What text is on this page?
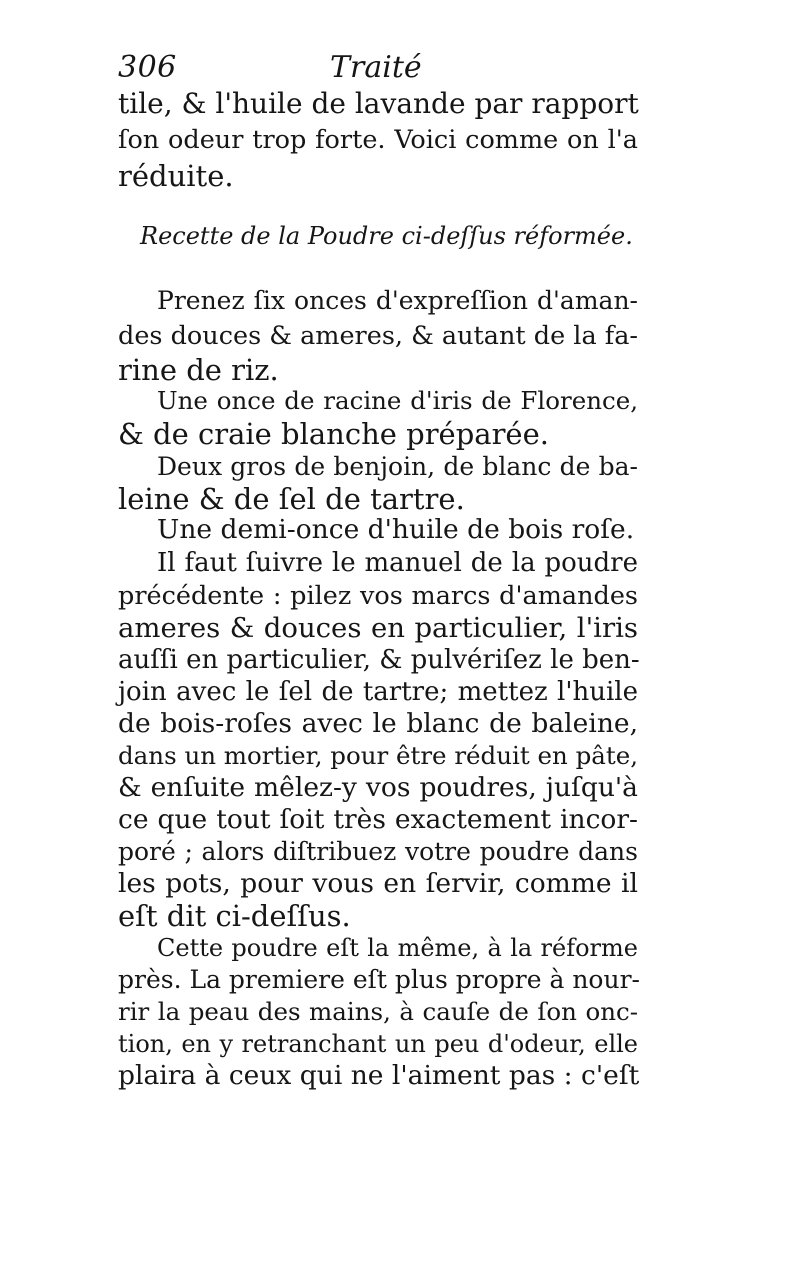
306	Traité
tile, & l'huile de lavande par rapport
ſon odeur trop forte. Voici comme on l'a
réduite.
Recette de la Poudre ci-deſſus réformée.
Prenez ſix onces d'expreſſion d'aman-
des douces & ameres, & autant de la fa-
rine de riz.
Une once de racine d'iris de Florence,
& de craie blanche préparée.
Deux gros de benjoin, de blanc de ba-
leine & de ſel de tartre.
Une demi-once d'huile de bois roſe.
Il faut ſuivre le manuel de la poudre
précédente : pilez vos marcs d'amandes
ameres & douces en particulier, l'iris
auſſi en particulier, & pulvériſez le ben-
join avec le ſel de tartre; mettez l'huile
de bois-roſes avec le blanc de baleine,
dans un mortier, pour être réduit en pâte,
& enſuite mêlez-y vos poudres, juſqu'à
ce que tout ſoit très exactement incor-
poré ; alors diſtribuez votre poudre dans
les pots, pour vous en ſervir, comme il
eſt dit ci-deſſus.
Cette poudre eſt la même, à la réforme
près. La premiere eſt plus propre à nour-
rir la peau des mains, à cauſe de ſon onc-
tion, en y retranchant un peu d'odeur, elle
plaira à ceux qui ne l'aiment pas : c'eſt
